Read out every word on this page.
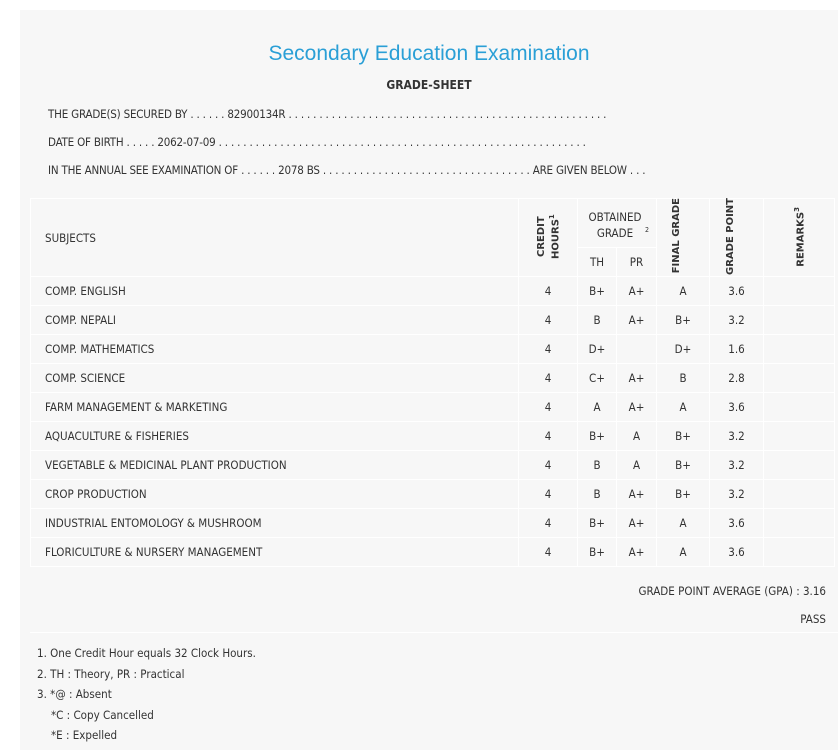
Secondary Education Examination
GRADE-SHEET
THE GRADE(S) SECURED BY . . . . . . 82900134R . . . . . . . . . . . . . . . . . . . . . . . . . . . . . . . . . . . . . . . . . . . . . . . . . . . .
DATE OF BIRTH . . . . . 2062-07-09 . . . . . . . . . . . . . . . . . . . . . . . . . . . . . . . . . . . . . . . . . . . . . . . . . . . . . . . . . . . .
IN THE ANNUAL SEE EXAMINATION OF . . . . . . 2078 BS . . . . . . . . . . . . . . . . . . . . . . . . . . . . . . . . . . ARE GIVEN BELOW . . .
SUBJECTS	CREDIT HOURS$^1$	OBTAINED GRADE $^2$		FINAL GRADE	GRADE POINT	REMARKS$^3$
		TH	PR			
COMP. ENGLISH	4	B+	A+	A	3.6	
COMP. NEPALI	4	B	A+	B+	3.2	
COMP. MATHEMATICS	4	D+		D+	1.6	
COMP. SCIENCE	4	C+	A+	B	2.8	
FARM MANAGEMENT & MARKETING	4	A	A+	A	3.6	
AQUACULTURE & FISHERIES	4	B+	A	B+	3.2	
VEGETABLE & MEDICINAL PLANT PRODUCTION	4	B	A	B+	3.2	
CROP PRODUCTION	4	B	A+	B+	3.2	
INDUSTRIAL ENTOMOLOGY & MUSHROOM	4	B+	A+	A	3.6	
FLORICULTURE & NURSERY MANAGEMENT	4	B+	A+	A	3.6	
GRADE POINT AVERAGE (GPA) : 3.16
PASS
1. One Credit Hour equals 32 Clock Hours.
2. TH : Theory, PR : Practical
3. *@ : Absent
*C : Copy Cancelled
*E : Expelled
